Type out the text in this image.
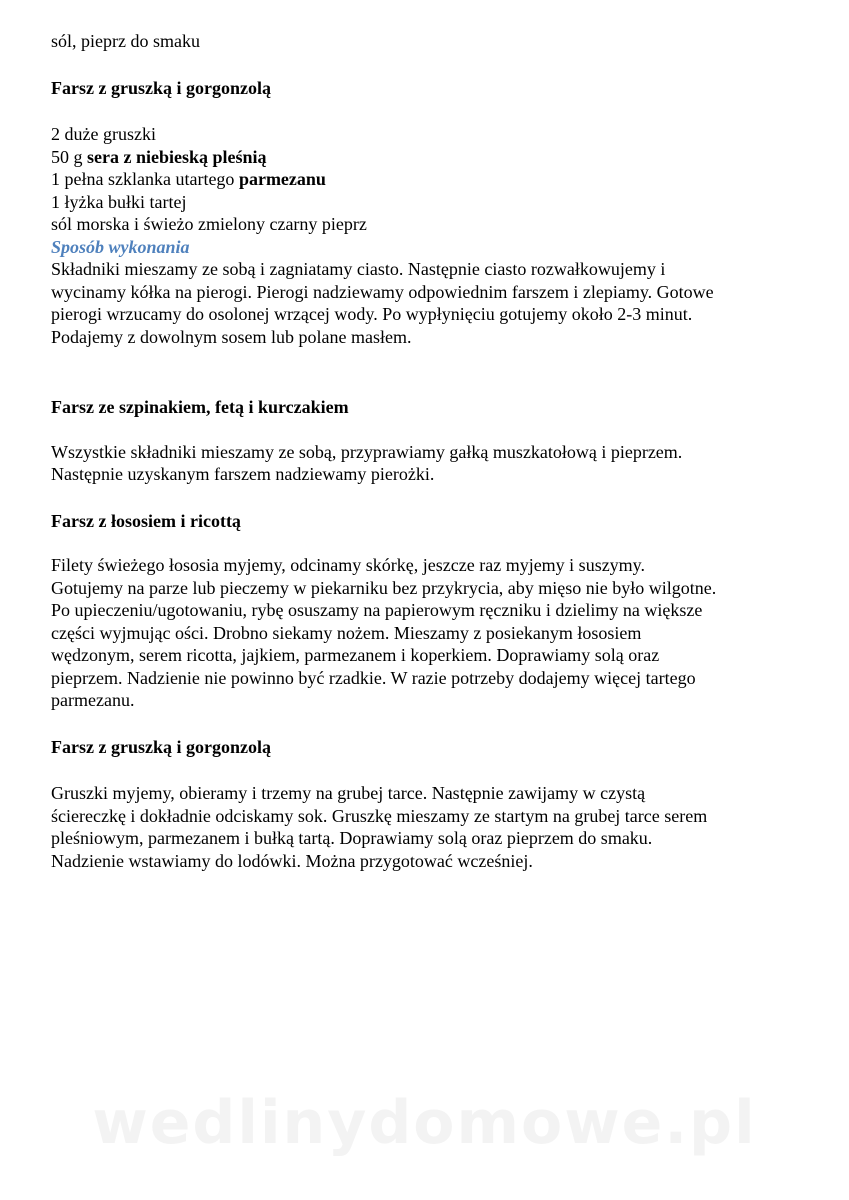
sól, pieprz do smaku
Farsz z gruszką i gorgonzolą
2 duże gruszki
50 g sera z niebieską pleśnią
1 pełna szklanka utartego parmezanu
1 łyżka bułki tartej
sól morska i świeżo zmielony czarny pieprz
Sposób wykonania
Składniki mieszamy ze sobą i zagniatamy ciasto. Następnie ciasto rozwałkowujemy i
wycinamy kółka na pierogi. Pierogi nadziewamy odpowiednim farszem i zlepiamy. Gotowe
pierogi wrzucamy do osolonej wrzącej wody. Po wypłynięciu gotujemy około 2-3 minut.
Podajemy z dowolnym sosem lub polane masłem.
Farsz ze szpinakiem, fetą i kurczakiem
Wszystkie składniki mieszamy ze sobą, przyprawiamy gałką muszkatołową i pieprzem.
Następnie uzyskanym farszem nadziewamy pierożki.
Farsz z łososiem i ricottą
Filety świeżego łososia myjemy, odcinamy skórkę, jeszcze raz myjemy i suszymy.
Gotujemy na parze lub pieczemy w piekarniku bez przykrycia, aby mięso nie było wilgotne.
Po upieczeniu/ugotowaniu, rybę osuszamy na papierowym ręczniku i dzielimy na większe
części wyjmując ości. Drobno siekamy nożem. Mieszamy z posiekanym łososiem
wędzonym, serem ricotta, jajkiem, parmezanem i koperkiem. Doprawiamy solą oraz
pieprzem. Nadzienie nie powinno być rzadkie. W razie potrzeby dodajemy więcej tartego
parmezanu.
Farsz z gruszką i gorgonzolą
Gruszki myjemy, obieramy i trzemy na grubej tarce. Następnie zawijamy w czystą
ściereczkę i dokładnie odciskamy sok. Gruszkę mieszamy ze startym na grubej tarce serem
pleśniowym, parmezanem i bułką tartą. Doprawiamy solą oraz pieprzem do smaku.
Nadzienie wstawiamy do lodówki. Można przygotować wcześniej.
wedlinydomowe.pl
